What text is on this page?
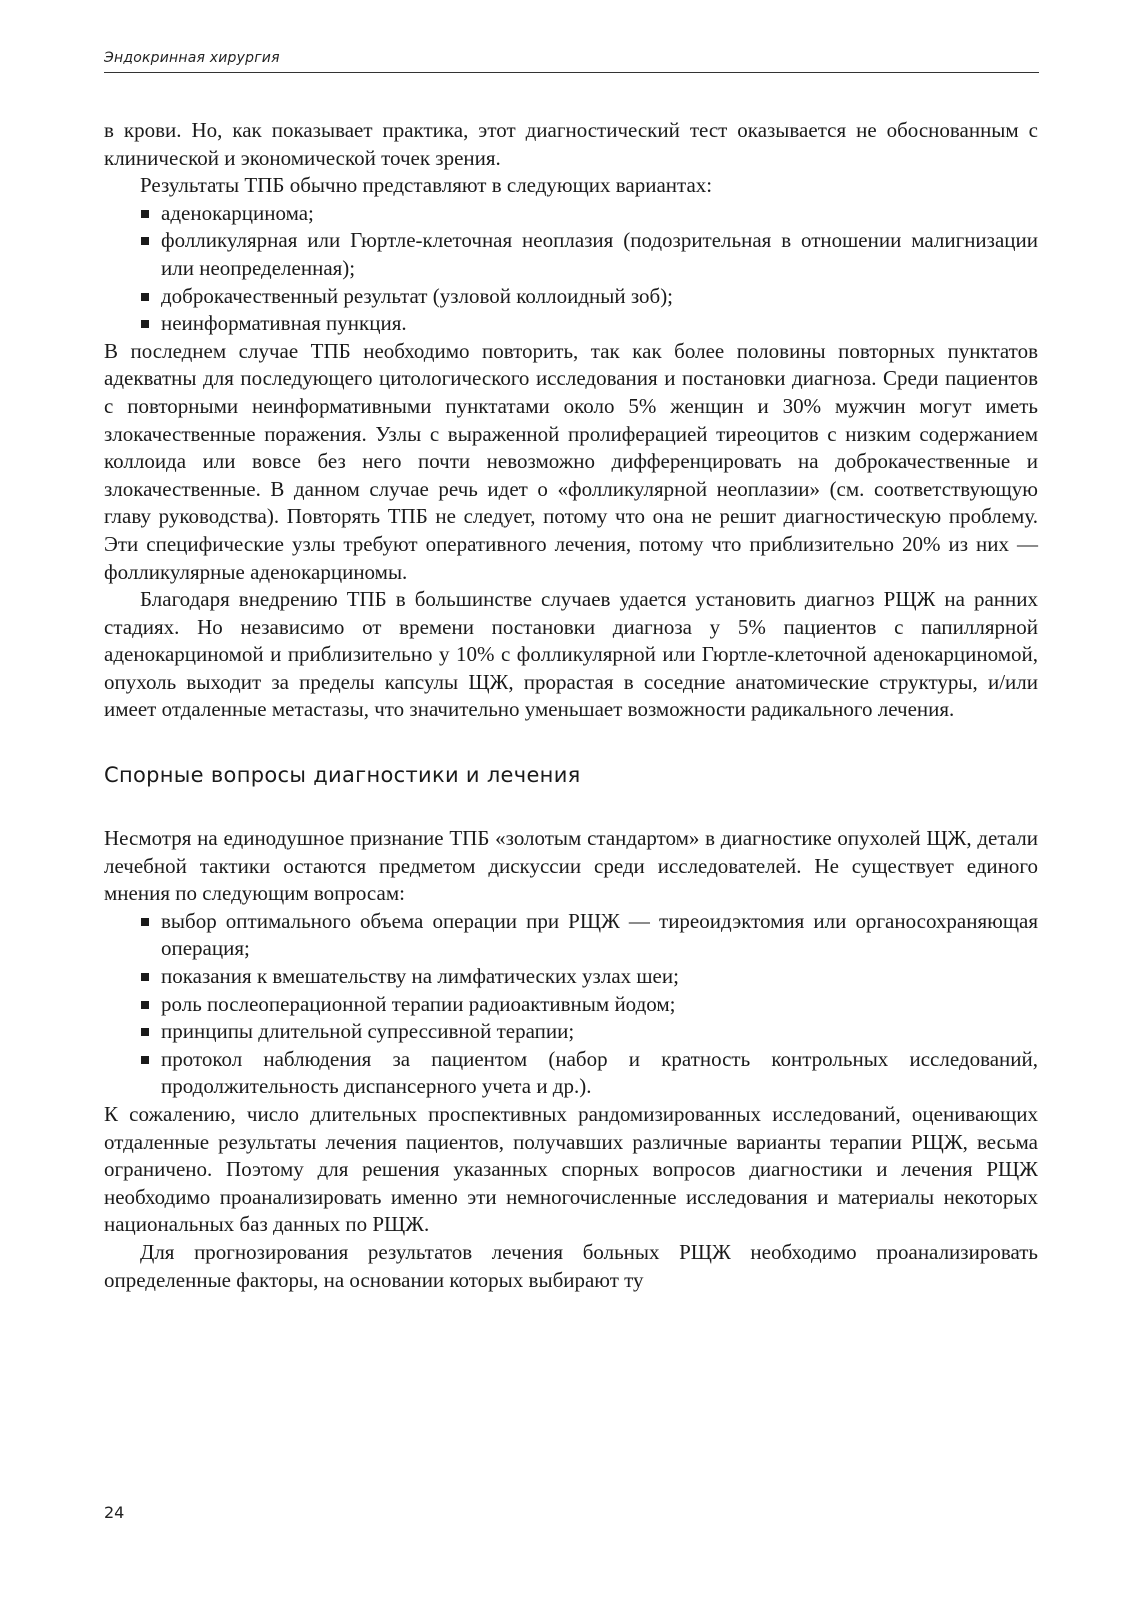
Эндокринная хирургия

в крови. Но, как показывает практика, этот диагностический тест оказывается не обоснованным с клинической и экономической точек зрения.

Результаты ТПБ обычно представляют в следующих вариантах:

аденокарцинома;
фолликулярная или Гюртле-клеточная неоплазия (подозрительная в отношении малигнизации или неопределенная);
доброкачественный результат (узловой коллоидный зоб);
неинформативная пункция.

В последнем случае ТПБ необходимо повторить, так как более половины повторных пунктатов адекватны для последующего цитологического исследования и постановки диагноза. Среди пациентов с повторными неинформативными пунктатами около 5% женщин и 30% мужчин могут иметь злокачественные поражения. Узлы с выраженной пролиферацией тиреоцитов с низким содержанием коллоида или вовсе без него почти невозможно дифференцировать на доброкачественные и злокачественные. В данном случае речь идет о «фолликулярной неоплазии» (см. соответствующую главу руководства). Повторять ТПБ не следует, потому что она не решит диагностическую проблему. Эти специфические узлы требуют оперативного лечения, потому что приблизительно 20% из них — фолликулярные аденокарциномы.

Благодаря внедрению ТПБ в большинстве случаев удается установить диагноз РЩЖ на ранних стадиях. Но независимо от времени постановки диагноза у 5% пациентов с папиллярной аденокарциномой и приблизительно у 10% с фолликулярной или Гюртле-клеточной аденокарциномой, опухоль выходит за пределы капсулы ЩЖ, прорастая в соседние анатомические структуры, и/или имеет отдаленные метастазы, что значительно уменьшает возможности радикального лечения.

Спорные вопросы диагностики и лечения

Несмотря на единодушное признание ТПБ «золотым стандартом» в диагностике опухолей ЩЖ, детали лечебной тактики остаются предметом дискуссии среди исследователей. Не существует единого мнения по следующим вопросам:

выбор оптимального объема операции при РЩЖ — тиреоидэктомия или органосохраняющая операция;
показания к вмешательству на лимфатических узлах шеи;
роль послеоперационной терапии радиоактивным йодом;
принципы длительной супрессивной терапии;
протокол наблюдения за пациентом (набор и кратность контрольных исследований, продолжительность диспансерного учета и др.).

К сожалению, число длительных проспективных рандомизированных исследований, оценивающих отдаленные результаты лечения пациентов, получавших различные варианты терапии РЩЖ, весьма ограничено. Поэтому для решения указанных спорных вопросов диагностики и лечения РЩЖ необходимо проанализировать именно эти немногочисленные исследования и материалы некоторых национальных баз данных по РЩЖ.

Для прогнозирования результатов лечения больных РЩЖ необходимо проанализировать определенные факторы, на основании которых выбирают ту

24
